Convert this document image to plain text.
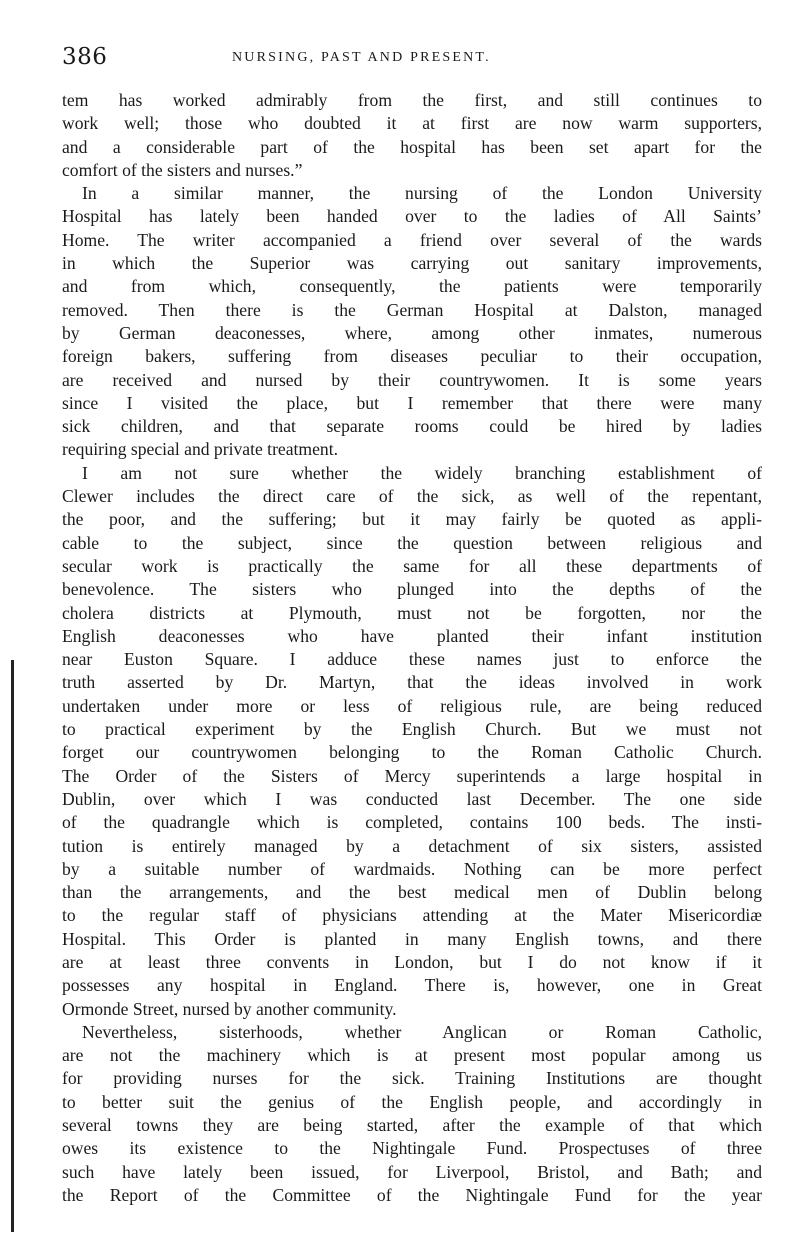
386	NURSING, PAST AND PRESENT.
tem has worked admirably from the first, and still continues to
work well; those who doubted it at first are now warm supporters,
and a considerable part of the hospital has been set apart for the
comfort of the sisters and nurses.”
In a similar manner, the nursing of the London University
Hospital has lately been handed over to the ladies of All Saints’
Home. The writer accompanied a friend over several of the wards
in which the Superior was carrying out sanitary improvements,
and from which, consequently, the patients were temporarily
removed. Then there is the German Hospital at Dalston, managed
by German deaconesses, where, among other inmates, numerous
foreign bakers, suffering from diseases peculiar to their occupation,
are received and nursed by their countrywomen. It is some years
since I visited the place, but I remember that there were many
sick children, and that separate rooms could be hired by ladies
requiring special and private treatment.
I am not sure whether the widely branching establishment of
Clewer includes the direct care of the sick, as well of the repentant,
the poor, and the suffering; but it may fairly be quoted as appli-
cable to the subject, since the question between religious and
secular work is practically the same for all these departments of
benevolence. The sisters who plunged into the depths of the
cholera districts at Plymouth, must not be forgotten, nor the
English deaconesses who have planted their infant institution
near Euston Square. I adduce these names just to enforce the
truth asserted by Dr. Martyn, that the ideas involved in work
undertaken under more or less of religious rule, are being reduced
to practical experiment by the English Church. But we must not
forget our countrywomen belonging to the Roman Catholic Church.
The Order of the Sisters of Mercy superintends a large hospital in
Dublin, over which I was conducted last December. The one side
of the quadrangle which is completed, contains 100 beds. The insti-
tution is entirely managed by a detachment of six sisters, assisted
by a suitable number of wardmaids. Nothing can be more perfect
than the arrangements, and the best medical men of Dublin belong
to the regular staff of physicians attending at the Mater Misericordiæ
Hospital. This Order is planted in many English towns, and there
are at least three convents in London, but I do not know if it
possesses any hospital in England. There is, however, one in Great
Ormonde Street, nursed by another community.
Nevertheless, sisterhoods, whether Anglican or Roman Catholic,
are not the machinery which is at present most popular among us
for providing nurses for the sick. Training Institutions are thought
to better suit the genius of the English people, and accordingly in
several towns they are being started, after the example of that which
owes its existence to the Nightingale Fund. Prospectuses of three
such have lately been issued, for Liverpool, Bristol, and Bath; and
the Report of the Committee of the Nightingale Fund for the year
